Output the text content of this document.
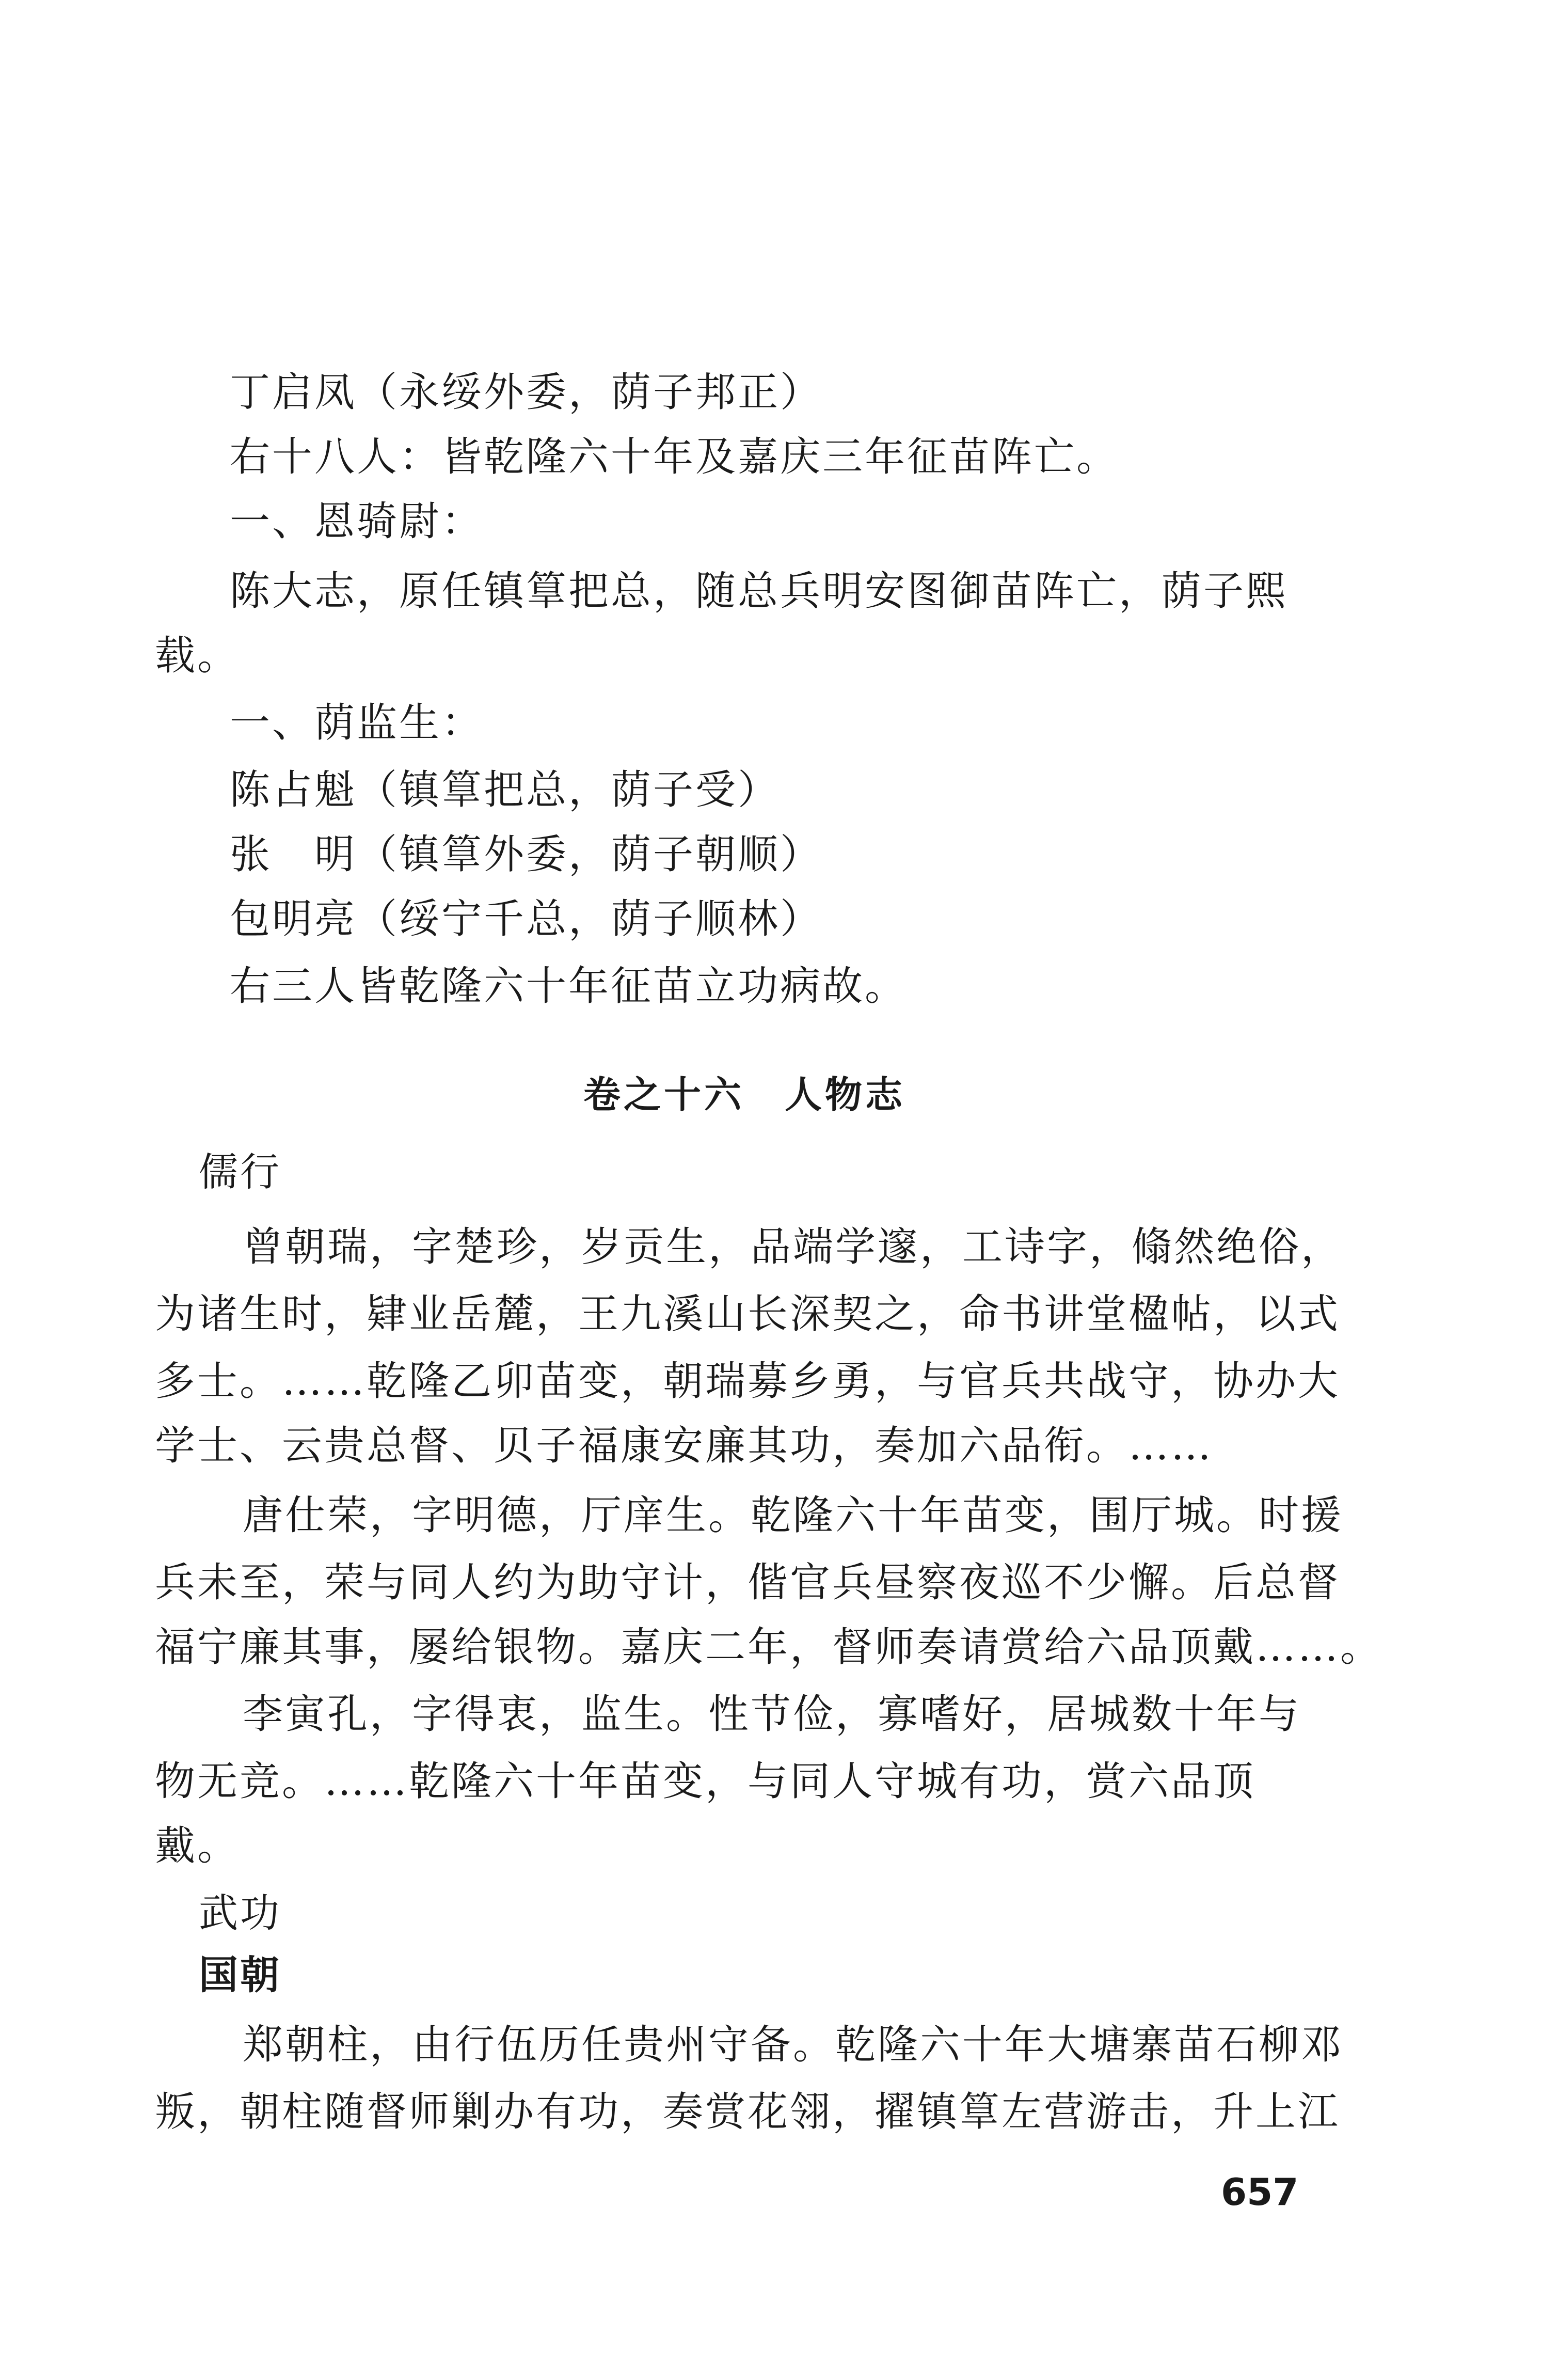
丁启凤（永绥外委，荫子邦正）
右十八人：皆乾隆六十年及嘉庆三年征苗阵亡。
一、恩骑尉：
陈大志，原任镇筸把总，随总兵明安图御苗阵亡，荫子熙
载。
一、荫监生：
陈占魁（镇筸把总，荫子受）
张　明（镇筸外委，荫子朝顺）
包明亮（绥宁千总，荫子顺林）
右三人皆乾隆六十年征苗立功病故。
卷之十六　人物志
儒行
曾朝瑞，字楚珍，岁贡生，品端学邃，工诗字，翛然绝俗，
为诸生时，肄业岳麓，王九溪山长深契之，命书讲堂楹帖，以式
多士。……乾隆乙卯苗变，朝瑞募乡勇，与官兵共战守，协办大
学士、云贵总督、贝子福康安廉其功，奏加六品衔。……
唐仕荣，字明德，厅庠生。乾隆六十年苗变，围厅城。时援
兵未至，荣与同人约为助守计，偕官兵昼察夜巡不少懈。后总督
福宁廉其事，屡给银物。嘉庆二年，督师奏请赏给六品顶戴……。
李寅孔，字得衷，监生。性节俭，寡嗜好，居城数十年与
物无竞。……乾隆六十年苗变，与同人守城有功，赏六品顶
戴。
武功
国朝
郑朝柱，由行伍历任贵州守备。乾隆六十年大塘寨苗石柳邓
叛，朝柱随督师剿办有功，奏赏花翎，擢镇筸左营游击，升上江
657
